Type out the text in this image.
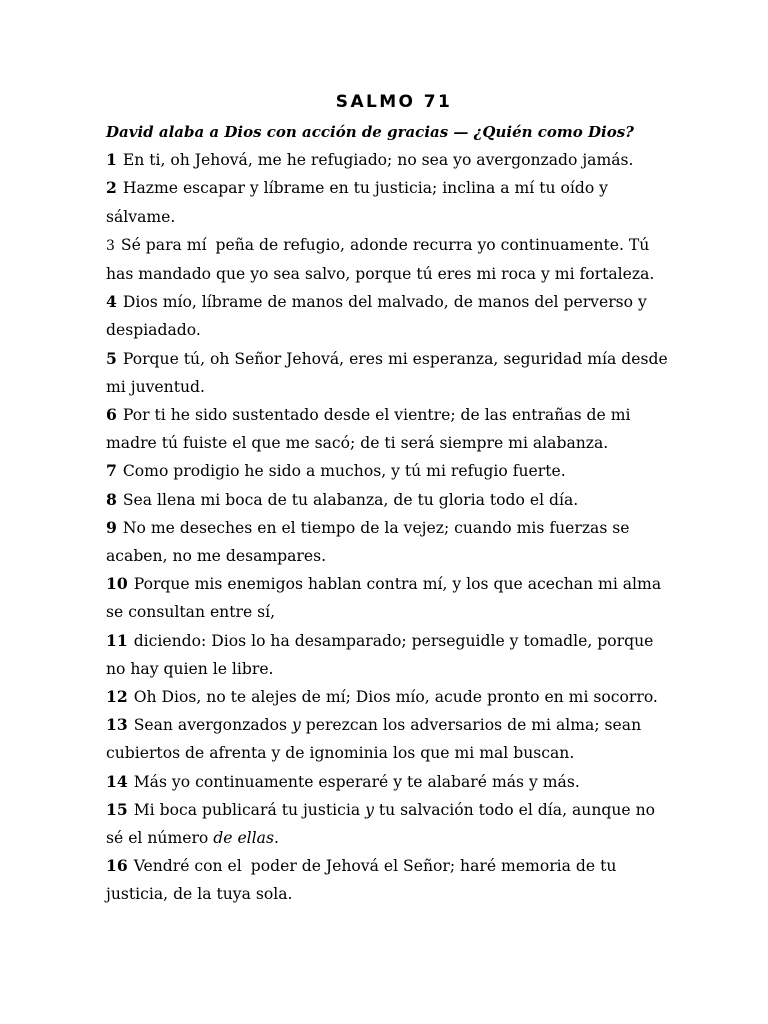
SALMO 71

David alaba a Dios con acción de gracias — ¿Quién como Dios?

1 En ti, oh Jehová, me he refugiado; no sea yo avergonzado jamás.

2 Hazme escapar y líbrame en tu justicia; inclina a mí tu oído y sálvame.

3 Sé para mí peña de refugio, adonde recurra yo continuamente. Tú has mandado que yo sea salvo, porque tú eres mi roca y mi fortaleza.

4 Dios mío, líbrame de manos del malvado, de manos del perverso y despiadado.

5 Porque tú, oh Señor Jehová, eres mi esperanza, seguridad mía desde mi juventud.

6 Por ti he sido sustentado desde el vientre; de las entrañas de mi madre tú fuiste el que me sacó; de ti será siempre mi alabanza.

7 Como prodigio he sido a muchos, y tú mi refugio fuerte.

8 Sea llena mi boca de tu alabanza, de tu gloria todo el día.

9 No me deseches en el tiempo de la vejez; cuando mis fuerzas se acaben, no me desampares.

10 Porque mis enemigos hablan contra mí, y los que acechan mi alma se consultan entre sí,

11 diciendo: Dios lo ha desamparado; perseguidle y tomadle, porque no hay quien le libre.

12 Oh Dios, no te alejes de mí; Dios mío, acude pronto en mi socorro.

13 Sean avergonzados y perezcan los adversarios de mi alma; sean cubiertos de afrenta y de ignominia los que mi mal buscan.

14 Más yo continuamente esperaré y te alabaré más y más.

15 Mi boca publicará tu justicia y tu salvación todo el día, aunque no sé el número de ellas.

16 Vendré con el poder de Jehová el Señor; haré memoria de tu justicia, de la tuya sola.
